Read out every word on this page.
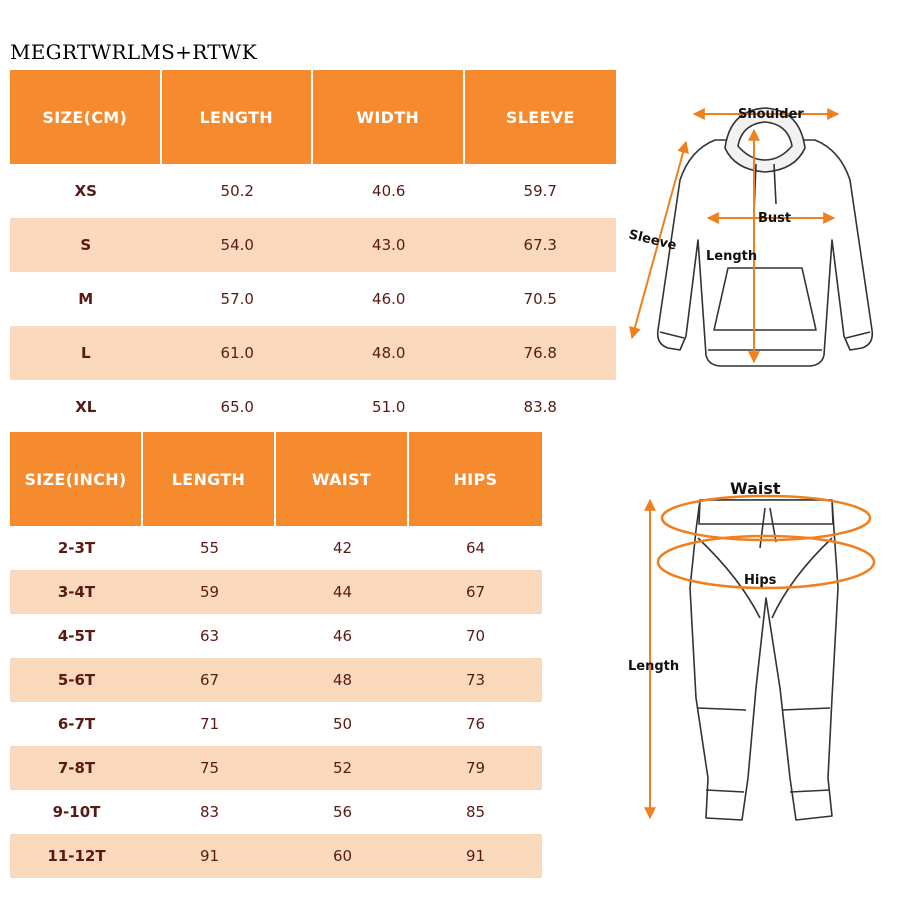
MEGRTWRLMS+RTWK
SIZE(CM)	LENGTH	WIDTH	SLEEVE
XS	50.2	40.6	59.7
S	54.0	43.0	67.3
M	57.0	46.0	70.5
L	61.0	48.0	76.8
XL	65.0	51.0	83.8
SIZE(INCH)	LENGTH	WAIST	HIPS
2-3T	55	42	64
3-4T	59	44	67
4-5T	63	46	70
5-6T	67	48	73
6-7T	71	50	76
7-8T	75	52	79
9-10T	83	56	85
11-12T	91	60	91
Shoulder
Bust
Sleeve
Length
Waist
Hips
Length
